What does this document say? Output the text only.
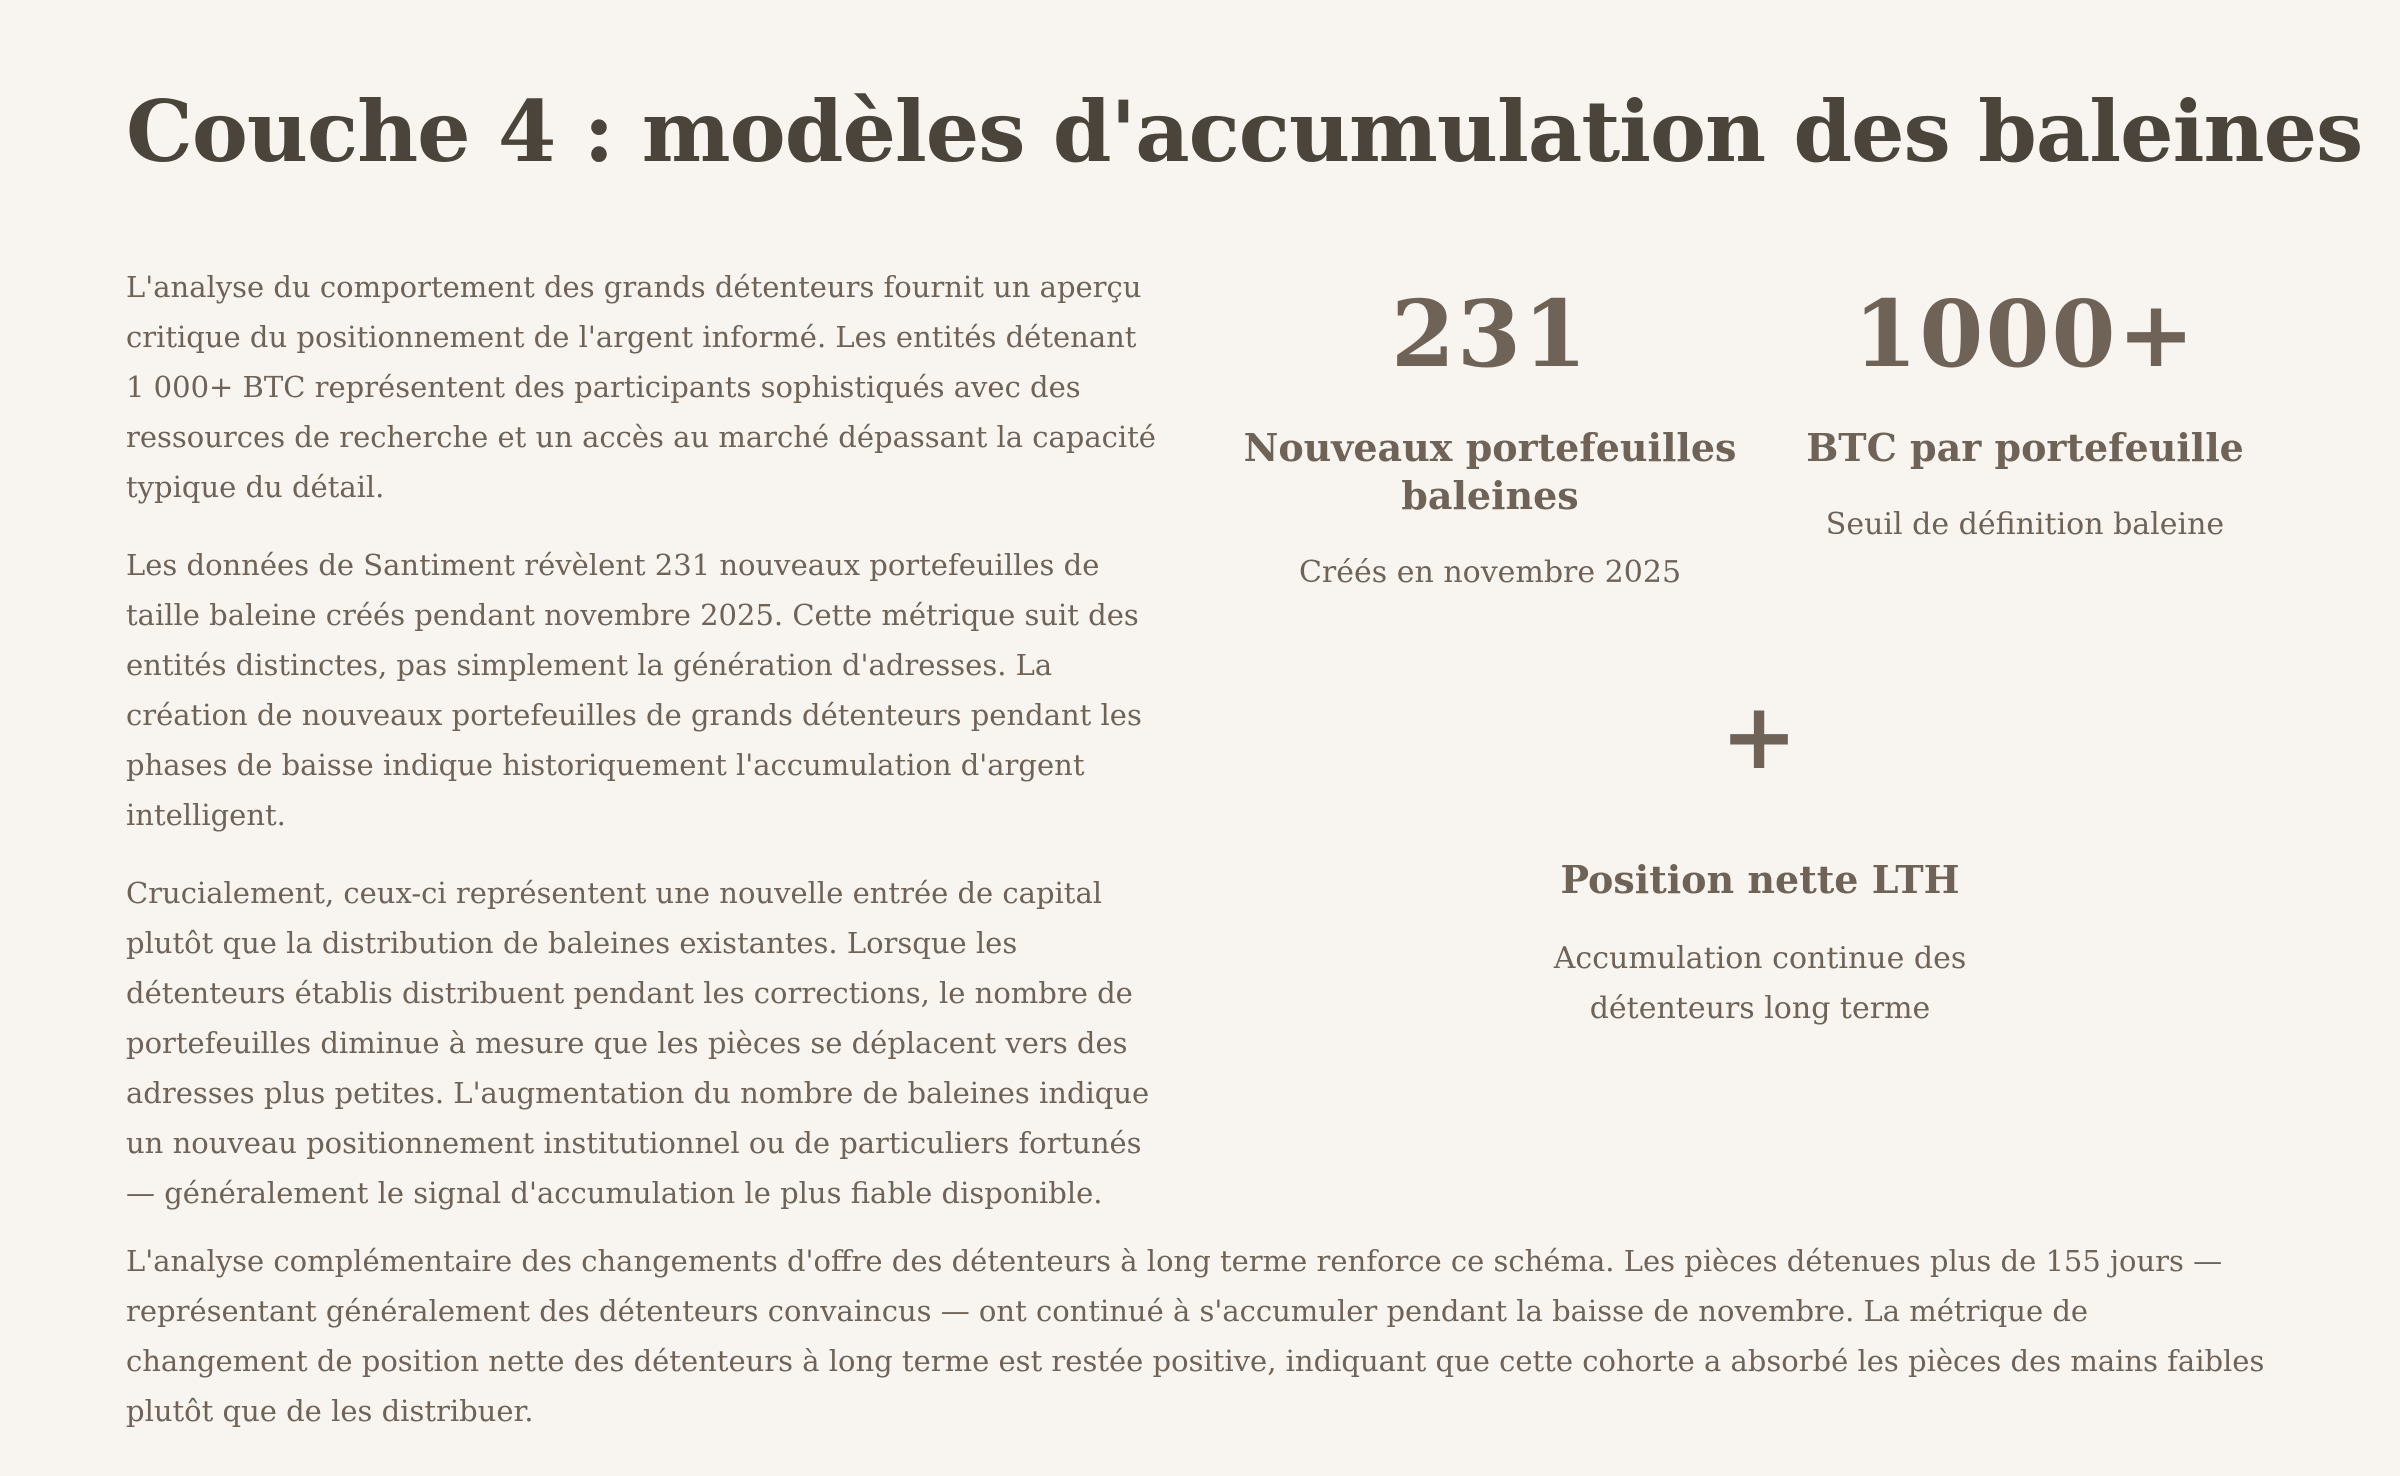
Couche 4 : modèles d'accumulation des baleines

L'analyse du comportement des grands détenteurs fournit un aperçu critique du positionnement de l'argent informé. Les entités détenant 1 000+ BTC représentent des participants sophistiqués avec des ressources de recherche et un accès au marché dépassant la capacité typique du détail.

Les données de Santiment révèlent 231 nouveaux portefeuilles de taille baleine créés pendant novembre 2025. Cette métrique suit des entités distinctes, pas simplement la génération d'adresses. La création de nouveaux portefeuilles de grands détenteurs pendant les phases de baisse indique historiquement l'accumulation d'argent intelligent.

Crucialement, ceux-ci représentent une nouvelle entrée de capital plutôt que la distribution de baleines existantes. Lorsque les détenteurs établis distribuent pendant les corrections, le nombre de portefeuilles diminue à mesure que les pièces se déplacent vers des adresses plus petites. L'augmentation du nombre de baleines indique un nouveau positionnement institutionnel ou de particuliers fortunés — généralement le signal d'accumulation le plus fiable disponible.

231
Nouveaux portefeuilles baleines
Créés en novembre 2025
1000+
BTC par portefeuille
Seuil de définition baleine
+
Position nette LTH
Accumulation continue des détenteurs long terme

L'analyse complémentaire des changements d'offre des détenteurs à long terme renforce ce schéma. Les pièces détenues plus de 155 jours — représentant généralement des détenteurs convaincus — ont continué à s'accumuler pendant la baisse de novembre. La métrique de changement de position nette des détenteurs à long terme est restée positive, indiquant que cette cohorte a absorbé les pièces des mains faibles plutôt que de les distribuer.
